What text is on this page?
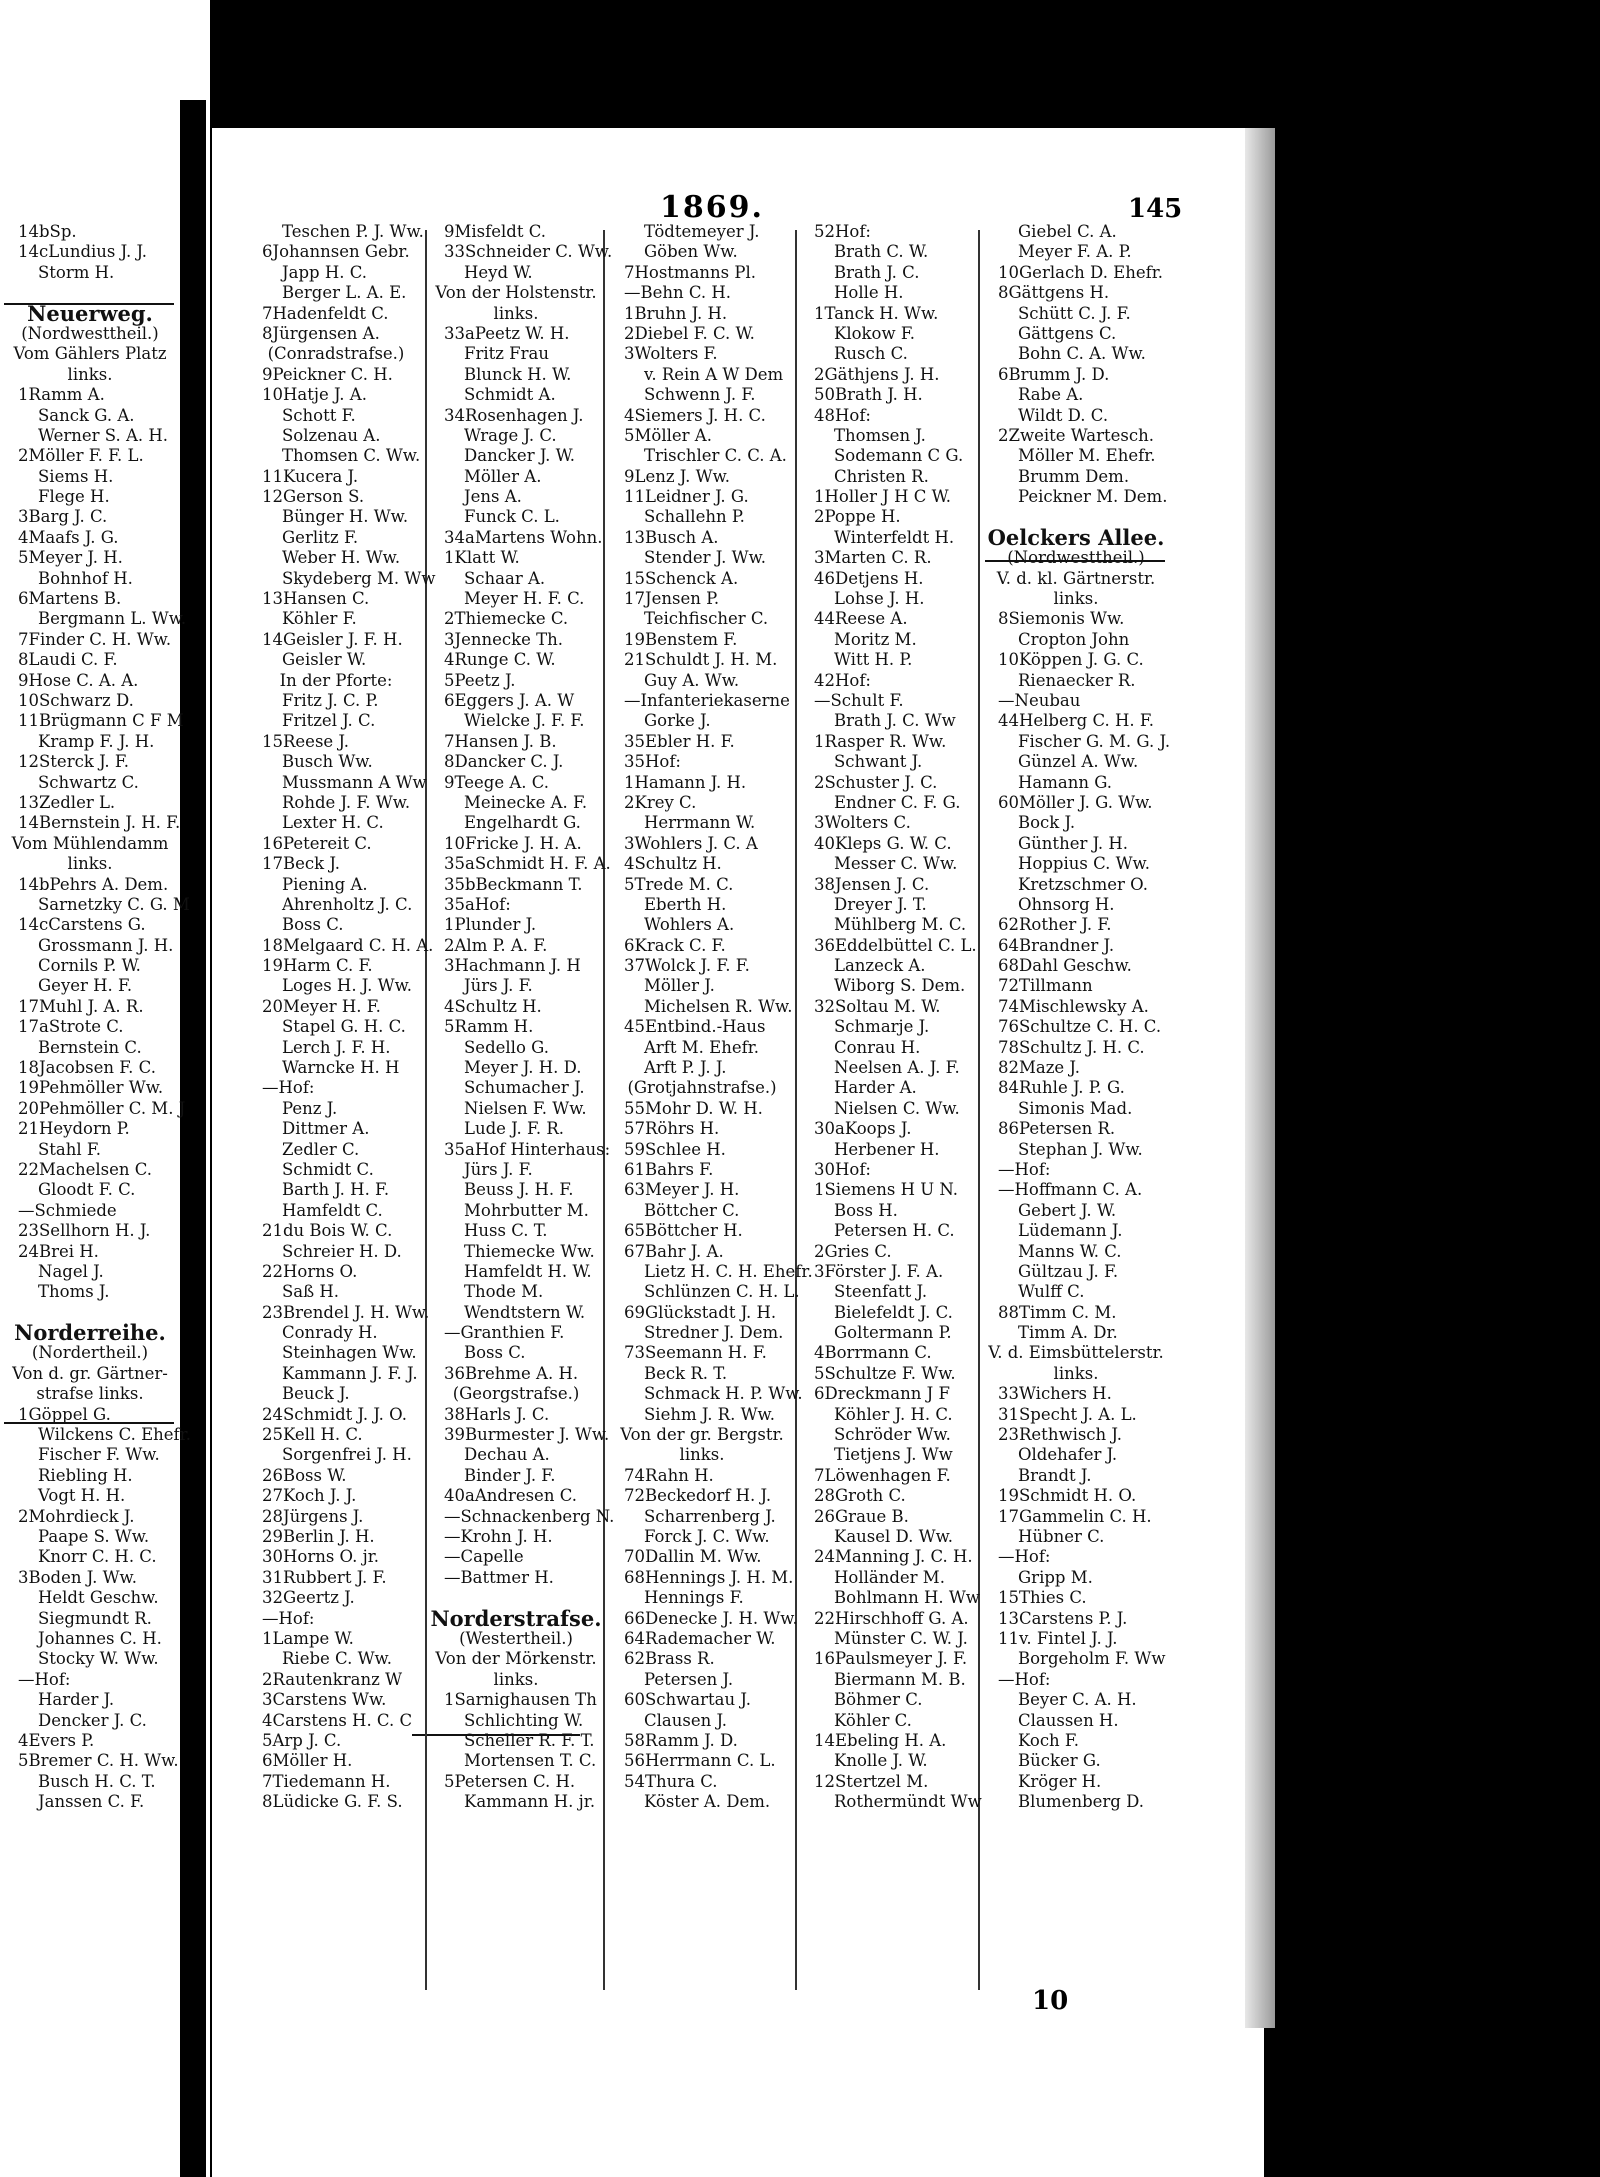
1869.	145
14bSp.
14cLundius J. J.
Storm H.
Neuerweg.
(Nordwesttheil.)
Vom Gählers Platz
links.
1Ramm A.
Sanck G. A.
Werner S. A. H.
2Möller F. F. L.
Siems H.
Flege H.
3Barg J. C.
4Maafs J. G.
5Meyer J. H.
Bohnhof H.
6Martens B.
Bergmann L. Ww.
7Finder C. H. Ww.
8Laudi C. F.
9Hose C. A. A.
10Schwarz D.
11Brügmann C F M
Kramp F. J. H.
12Sterck J. F.
Schwartz C.
13Zedler L.
14Bernstein J. H. F.
Vom Mühlendamm
links.
14bPehrs A. Dem.
Sarnetzky C. G. M
14cCarstens G.
Grossmann J. H.
Cornils P. W.
Geyer H. F.
17Muhl J. A. R.
17aStrote C.
Bernstein C.
18Jacobsen F. C.
19Pehmöller Ww.
20Pehmöller C. M. J
21Heydorn P.
Stahl F.
22Machelsen C.
Gloodt F. C.
—Schmiede
23Sellhorn H. J.
24Brei H.
Nagel J.
Thoms J.
Norderreihe.
(Nordertheil.)
Von d. gr. Gärtner-
strafse links.
1Göppel G.
Wilckens C. Ehefr.
Fischer F. Ww.
Riebling H.
Vogt H. H.
2Mohrdieck J.
Paape S. Ww.
Knorr C. H. C.
3Boden J. Ww.
Heldt Geschw.
Siegmundt R.
Johannes C. H.
Stocky W. Ww.
—Hof:
Harder J.
Dencker J. C.
4Evers P.
5Bremer C. H. Ww.
Busch H. C. T.
Janssen C. F.
Teschen P. J. Ww.
6Johannsen Gebr.
Japp H. C.
Berger L. A. E.
7Hadenfeldt C.
8Jürgensen A.
(Conradstrafse.)
9Peickner C. H.
10Hatje J. A.
Schott F.
Solzenau A.
Thomsen C. Ww.
11Kucera J.
12Gerson S.
Bünger H. Ww.
Gerlitz F.
Weber H. Ww.
Skydeberg M. Ww
13Hansen C.
Köhler F.
14Geisler J. F. H.
Geisler W.
In der Pforte:
Fritz J. C. P.
Fritzel J. C.
15Reese J.
Busch Ww.
Mussmann A Ww
Rohde J. F. Ww.
Lexter H. C.
16Petereit C.
17Beck J.
Piening A.
Ahrenholtz J. C.
Boss C.
18Melgaard C. H. A.
19Harm C. F.
Loges H. J. Ww.
20Meyer H. F.
Stapel G. H. C.
Lerch J. F. H.
Warncke H. H
—Hof:
Penz J.
Dittmer A.
Zedler C.
Schmidt C.
Barth J. H. F.
Hamfeldt C.
21du Bois W. C.
Schreier H. D.
22Horns O.
Saß H.
23Brendel J. H. Ww.
Conrady H.
Steinhagen Ww.
Kammann J. F. J.
Beuck J.
24Schmidt J. J. O.
25Kell H. C.
Sorgenfrei J. H.
26Boss W.
27Koch J. J.
28Jürgens J.
29Berlin J. H.
30Horns O. jr.
31Rubbert J. F.
32Geertz J.
—Hof:
1Lampe W.
Riebe C. Ww.
2Rautenkranz W
3Carstens Ww.
4Carstens H. C. C
5Arp J. C.
6Möller H.
7Tiedemann H.
8Lüdicke G. F. S.
9Misfeldt C.
33Schneider C. Ww.
Heyd W.
Von der Holstenstr.
links.
33aPeetz W. H.
Fritz Frau
Blunck H. W.
Schmidt A.
34Rosenhagen J.
Wrage J. C.
Dancker J. W.
Möller A.
Jens A.
Funck C. L.
34aMartens Wohn.
1Klatt W.
Schaar A.
Meyer H. F. C.
2Thiemecke C.
3Jennecke Th.
4Runge C. W.
5Peetz J.
6Eggers J. A. W
Wielcke J. F. F.
7Hansen J. B.
8Dancker C. J.
9Teege A. C.
Meinecke A. F.
Engelhardt G.
10Fricke J. H. A.
35aSchmidt H. F. A.
35bBeckmann T.
35aHof:
1Plunder J.
2Alm P. A. F.
3Hachmann J. H
Jürs J. F.
4Schultz H.
5Ramm H.
Sedello G.
Meyer J. H. D.
Schumacher J.
Nielsen F. Ww.
Lude J. F. R.
35aHof Hinterhaus:
Jürs J. F.
Beuss J. H. F.
Mohrbutter M.
Huss C. T.
Thiemecke Ww.
Hamfeldt H. W.
Thode M.
Wendtstern W.
—Granthien F.
Boss C.
36Brehme A. H.
(Georgstrafse.)
38Harls J. C.
39Burmester J. Ww.
Dechau A.
Binder J. F.
40aAndresen C.
—Schnackenberg N.
—Krohn J. H.
—Capelle
—Battmer H.
Norderstrafse.
(Westertheil.)
Von der Mörkenstr.
links.
1Sarnighausen Th
Schlichting W.
Scheller R. F. T.
Mortensen T. C.
5Petersen C. H.
Kammann H. jr.
Tödtemeyer J.
Göben Ww.
7Hostmanns Pl.
—Behn C. H.
1Bruhn J. H.
2Diebel F. C. W.
3Wolters F.
v. Rein A W Dem
Schwenn J. F.
4Siemers J. H. C.
5Möller A.
Trischler C. C. A.
9Lenz J. Ww.
11Leidner J. G.
Schallehn P.
13Busch A.
Stender J. Ww.
15Schenck A.
17Jensen P.
Teichfischer C.
19Benstem F.
21Schuldt J. H. M.
Guy A. Ww.
—Infanteriekaserne
Gorke J.
35Ebler H. F.
35Hof:
1Hamann J. H.
2Krey C.
Herrmann W.
3Wohlers J. C. A
4Schultz H.
5Trede M. C.
Eberth H.
Wohlers A.
6Krack C. F.
37Wolck J. F. F.
Möller J.
Michelsen R. Ww.
45Entbind.-Haus
Arft M. Ehefr.
Arft P. J. J.
(Grotjahnstrafse.)
55Mohr D. W. H.
57Röhrs H.
59Schlee H.
61Bahrs F.
63Meyer J. H.
Böttcher C.
65Böttcher H.
67Bahr J. A.
Lietz H. C. H. Ehefr.
Schlünzen C. H. L.
69Glückstadt J. H.
Stredner J. Dem.
73Seemann H. F.
Beck R. T.
Schmack H. P. Ww.
Siehm J. R. Ww.
Von der gr. Bergstr.
links.
74Rahn H.
72Beckedorf H. J.
Scharrenberg J.
Forck J. C. Ww.
70Dallin M. Ww.
68Hennings J. H. M.
Hennings F.
66Denecke J. H. Ww.
64Rademacher W.
62Brass R.
Petersen J.
60Schwartau J.
Clausen J.
58Ramm J. D.
56Herrmann C. L.
54Thura C.
Köster A. Dem.
52Hof:
Brath C. W.
Brath J. C.
Holle H.
1Tanck H. Ww.
Klokow F.
Rusch C.
2Gäthjens J. H.
50Brath J. H.
48Hof:
Thomsen J.
Sodemann C G.
Christen R.
1Holler J H C W.
2Poppe H.
Winterfeldt H.
3Marten C. R.
46Detjens H.
Lohse J. H.
44Reese A.
Moritz M.
Witt H. P.
42Hof:
—Schult F.
Brath J. C. Ww
1Rasper R. Ww.
Schwant J.
2Schuster J. C.
Endner C. F. G.
3Wolters C.
40Kleps G. W. C.
Messer C. Ww.
38Jensen J. C.
Dreyer J. T.
Mühlberg M. C.
36Eddelbüttel C. L.
Lanzeck A.
Wiborg S. Dem.
32Soltau M. W.
Schmarje J.
Conrau H.
Neelsen A. J. F.
Harder A.
Nielsen C. Ww.
30aKoops J.
Herbener H.
30Hof:
1Siemens H U N.
Boss H.
Petersen H. C.
2Gries C.
3Förster J. F. A.
Steenfatt J.
Bielefeldt J. C.
Goltermann P.
4Borrmann C.
5Schultze F. Ww.
6Dreckmann J F
Köhler J. H. C.
Schröder Ww.
Tietjens J. Ww
7Löwenhagen F.
28Groth C.
26Graue B.
Kausel D. Ww.
24Manning J. C. H.
Holländer M.
Bohlmann H. Ww
22Hirschhoff G. A.
Münster C. W. J.
16Paulsmeyer J. F.
Biermann M. B.
Böhmer C.
Köhler C.
14Ebeling H. A.
Knolle J. W.
12Stertzel M.
Rothermündt Ww
Giebel C. A.
Meyer F. A. P.
10Gerlach D. Ehefr.
8Gättgens H.
Schütt C. J. F.
Gättgens C.
Bohn C. A. Ww.
6Brumm J. D.
Rabe A.
Wildt D. C.
2Zweite Wartesch.
Möller M. Ehefr.
Brumm Dem.
Peickner M. Dem.
Oelckers Allee.
(Nordwesttheil.)
V. d. kl. Gärtnerstr.
links.
8Siemonis Ww.
Cropton John
10Köppen J. G. C.
Rienaecker R.
—Neubau
44Helberg C. H. F.
Fischer G. M. G. J.
Günzel A. Ww.
Hamann G.
60Möller J. G. Ww.
Bock J.
Günther J. H.
Hoppius C. Ww.
Kretzschmer O.
Ohnsorg H.
62Rother J. F.
64Brandner J.
68Dahl Geschw.
72Tillmann
74Mischlewsky A.
76Schultze C. H. C.
78Schultz J. H. C.
82Maze J.
84Ruhle J. P. G.
Simonis Mad.
86Petersen R.
Stephan J. Ww.
—Hof:
—Hoffmann C. A.
Gebert J. W.
Lüdemann J.
Manns W. C.
Gültzau J. F.
Wulff C.
88Timm C. M.
Timm A. Dr.
V. d. Eimsbüttelerstr.
links.
33Wichers H.
31Specht J. A. L.
23Rethwisch J.
Oldehafer J.
Brandt J.
19Schmidt H. O.
17Gammelin C. H.
Hübner C.
—Hof:
Gripp M.
15Thies C.
13Carstens P. J.
11v. Fintel J. J.
Borgeholm F. Ww
—Hof:
Beyer C. A. H.
Claussen H.
Koch F.
Bücker G.
Kröger H.
Blumenberg D.
10
